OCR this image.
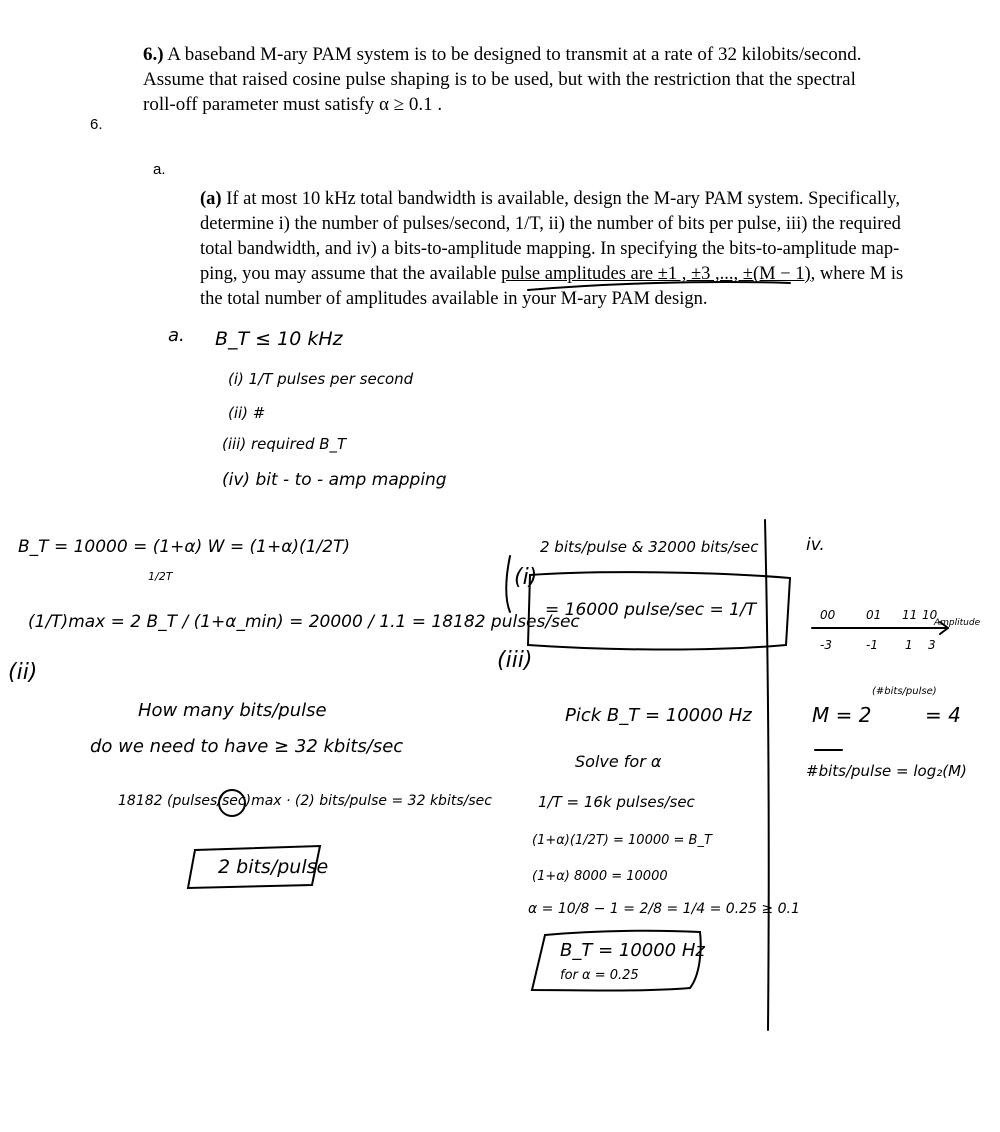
6.) A baseband M-ary PAM system is to be designed to transmit at a rate of 32 kilobits/second.
Assume that raised cosine pulse shaping is to be used, but with the restriction that the spectral
roll-off parameter must satisfy α ≥ 0.1 .
6.
a.
(a) If at most 10 kHz total bandwidth is available, design the M-ary PAM system. Specifically,
determine i) the number of pulses/second, 1/T, ii) the number of bits per pulse, iii) the required
total bandwidth, and iv) a bits-to-amplitude mapping. In specifying the bits-to-amplitude map-
ping, you may assume that the available pulse amplitudes are ±1 , ±3 ,..., ±(M − 1), where M is
the total number of amplitudes available in your M-ary PAM design.
a. B_T ≤ 10 kHz
(i) 1/T pulses per second
(ii) #
(iii) required B_T
(iv) bit - to - amp mapping
B_T = 10000 = (1+α) W = (1+α)(1/2T)
1/2T
(1/T)max = 2 B_T / (1+α_min) = 20000 / 1.1 = 18182 pulses/sec
(ii)
How many bits/pulse
do we need to have ≥ 32 kbits/sec
18182 (pulses/sec)max · (2) bits/pulse = 32 kbits/sec
2 bits/pulse
(i)
2 bits/pulse & 32000 bits/sec
= 16000 pulse/sec = 1/T
(iii)
Pick B_T = 10000 Hz
Solve for α
1/T = 16k pulses/sec
(1+α)(1/2T) = 10000 = B_T
(1+α) 8000 = 10000
α = 10/8 − 1 = 2/8 = 1/4 = 0.25 ≥ 0.1
B_T = 10000 Hz
for α = 0.25
iv.
00	01 11 10
-3	-1 1 3
Amplitude
(#bits/pulse)
M = 2	= 4
#bits/pulse = log₂(M)
